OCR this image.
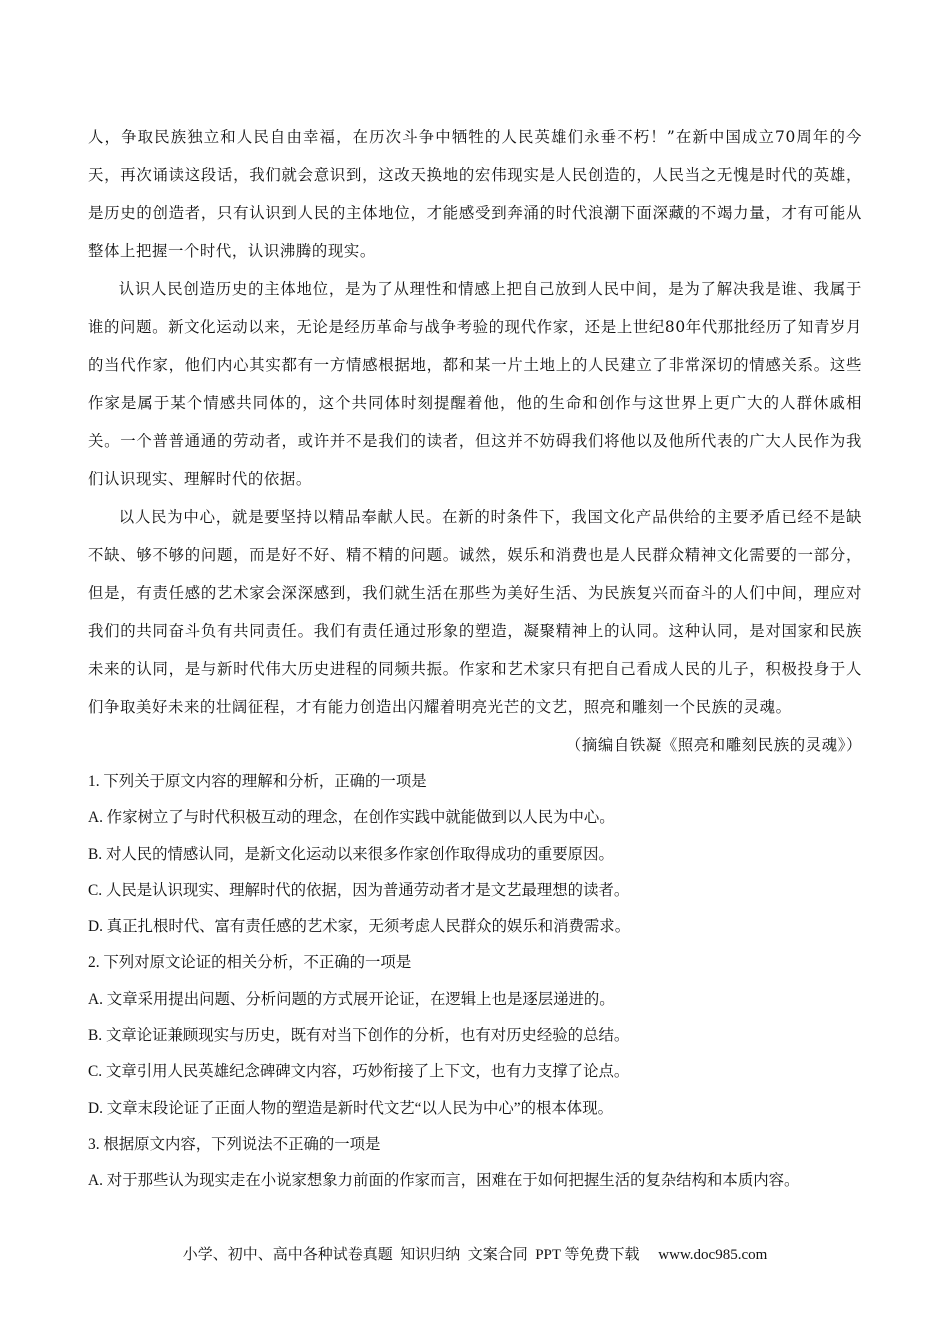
人，争取民族独立和人民自由幸福，在历次斗争中牺牲的人民英雄们永垂不朽！”在新中国成立70周年的今天，再次诵读这段话，我们就会意识到，这改天换地的宏伟现实是人民创造的，人民当之无愧是时代的英雄，是历史的创造者，只有认识到人民的主体地位，才能感受到奔涌的时代浪潮下面深藏的不竭力量，才有可能从整体上把握一个时代，认识沸腾的现实。

认识人民创造历史的主体地位，是为了从理性和情感上把自己放到人民中间，是为了解决我是谁、我属于谁的问题。新文化运动以来，无论是经历革命与战争考验的现代作家，还是上世纪80年代那批经历了知青岁月的当代作家，他们内心其实都有一方情感根据地，都和某一片土地上的人民建立了非常深切的情感关系。这些作家是属于某个情感共同体的，这个共同体时刻提醒着他，他的生命和创作与这世界上更广大的人群休戚相关。一个普普通通的劳动者，或许并不是我们的读者，但这并不妨碍我们将他以及他所代表的广大人民作为我们认识现实、理解时代的依据。

以人民为中心，就是要坚持以精品奉献人民。在新的时条件下，我国文化产品供给的主要矛盾已经不是缺不缺、够不够的问题，而是好不好、精不精的问题。诚然，娱乐和消费也是人民群众精神文化需要的一部分，但是，有责任感的艺术家会深深感到，我们就生活在那些为美好生活、为民族复兴而奋斗的人们中间，理应对我们的共同奋斗负有共同责任。我们有责任通过形象的塑造，凝聚精神上的认同。这种认同，是对国家和民族未来的认同，是与新时代伟大历史进程的同频共振。作家和艺术家只有把自己看成人民的儿子，积极投身于人们争取美好未来的壮阔征程，才有能力创造出闪耀着明亮光芒的文艺，照亮和雕刻一个民族的灵魂。

（摘编自铁凝《照亮和雕刻民族的灵魂》）

1. 下列关于原文内容的理解和分析，正确的一项是

A. 作家树立了与时代积极互动的理念，在创作实践中就能做到以人民为中心。

B. 对人民的情感认同，是新文化运动以来很多作家创作取得成功的重要原因。

C. 人民是认识现实、理解时代的依据，因为普通劳动者才是文艺最理想的读者。

D. 真正扎根时代、富有责任感的艺术家，无须考虑人民群众的娱乐和消费需求。

2. 下列对原文论证的相关分析，不正确的一项是

A. 文章采用提出问题、分析问题的方式展开论证，在逻辑上也是逐层递进的。

B. 文章论证兼顾现实与历史，既有对当下创作的分析，也有对历史经验的总结。

C. 文章引用人民英雄纪念碑碑文内容，巧妙衔接了上下文，也有力支撑了论点。

D. 文章末段论证了正面人物的塑造是新时代文艺“以人民为中心”的根本体现。

3. 根据原文内容，下列说法不正确的一项是

A. 对于那些认为现实走在小说家想象力前面的作家而言，困难在于如何把握生活的复杂结构和本质内容。

小学、初中、高中各种试卷真题  知识归纳  文案合同  PPT 等免费下载     www.doc985.com
